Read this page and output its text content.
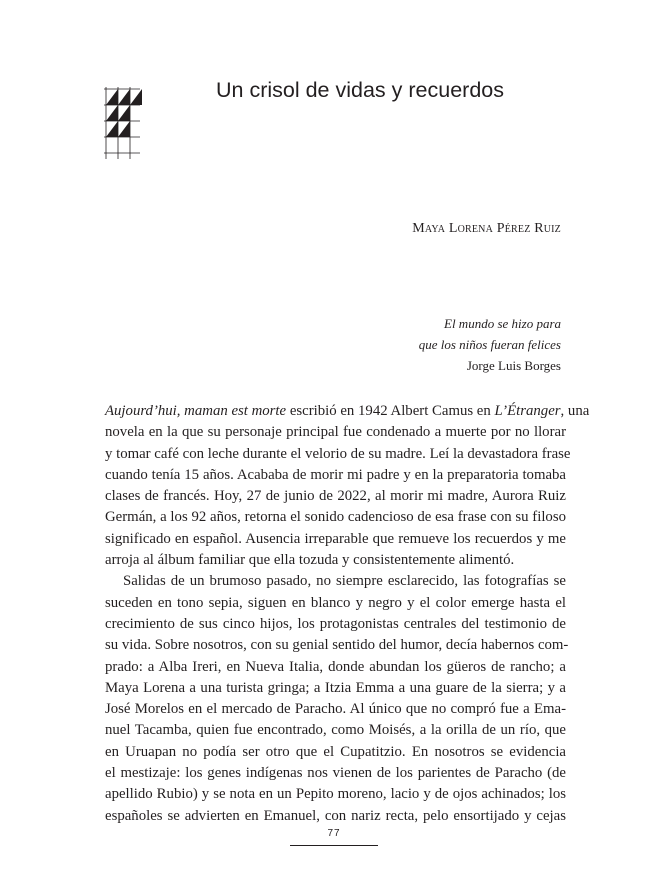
Un crisol de vidas y recuerdos

Maya Lorena Pérez Ruiz

El mundo se hizo para
que los niños fueran felices
Jorge Luis Borges
Aujourd’hui, maman est morte escribió en 1942 Albert Camus en L’Étranger, una
novela en la que su personaje principal fue condenado a muerte por no llorar
y tomar café con leche durante el velorio de su madre. Leí la devastadora frase
cuando tenía 15 años. Acababa de morir mi padre y en la preparatoria tomaba
clases de francés. Hoy, 27 de junio de 2022, al morir mi madre, Aurora Ruiz
Germán, a los 92 años, retorna el sonido cadencioso de esa frase con su filoso
significado en español. Ausencia irreparable que remueve los recuerdos y me
arroja al álbum familiar que ella tozuda y consistentemente alimentó.
Salidas de un brumoso pasado, no siempre esclarecido, las fotografías se
suceden en tono sepia, siguen en blanco y negro y el color emerge hasta el
crecimiento de sus cinco hijos, los protagonistas centrales del testimonio de
su vida. Sobre nosotros, con su genial sentido del humor, decía habernos com-
prado: a Alba Ireri, en Nueva Italia, donde abundan los güeros de rancho; a
Maya Lorena a una turista gringa; a Itzia Emma a una guare de la sierra; y a
José Morelos en el mercado de Paracho. Al único que no compró fue a Ema-
nuel Tacamba, quien fue encontrado, como Moisés, a la orilla de un río, que
en Uruapan no podía ser otro que el Cupatitzio. En nosotros se evidencia
el mestizaje: los genes indígenas nos vienen de los parientes de Paracho (de
apellido Rubio) y se nota en un Pepito moreno, lacio y de ojos achinados; los
españoles se advierten en Emanuel, con nariz recta, pelo ensortijado y cejas
77
